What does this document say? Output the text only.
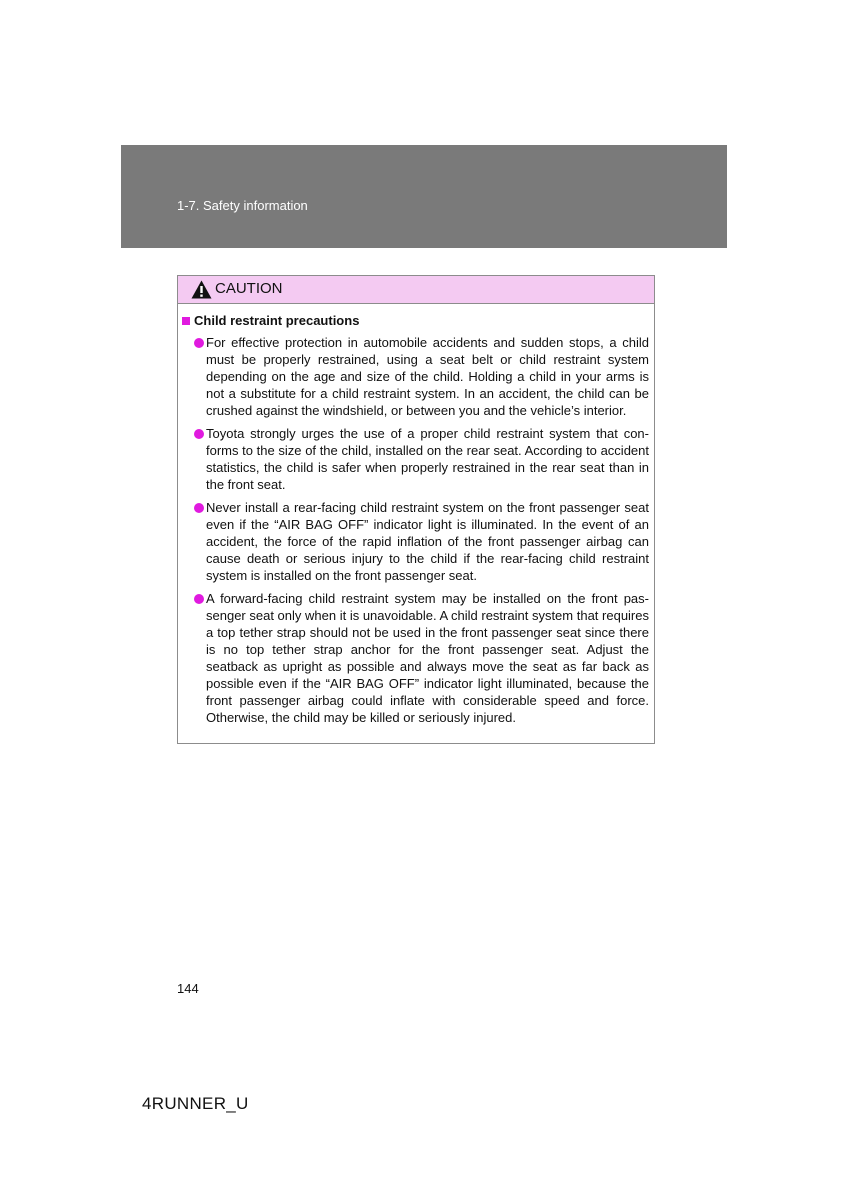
1-7. Safety information
CAUTION
Child restraint precautions
For effective protection in automobile accidents and sudden stops, a child must be properly restrained, using a seat belt or child restraint system depending on the age and size of the child. Holding a child in your arms is not a substitute for a child restraint system. In an accident, the child can be crushed against the windshield, or between you and the vehicle’s interior.
Toyota strongly urges the use of a proper child restraint system that conforms to the size of the child, installed on the rear seat. According to accident statistics, the child is safer when properly restrained in the rear seat than in the front seat.
Never install a rear-facing child restraint system on the front passenger seat even if the “AIR BAG OFF” indicator light is illuminated. In the event of an accident, the force of the rapid inflation of the front passenger airbag can cause death or serious injury to the child if the rear-facing child restraint system is installed on the front passenger seat.
A forward-facing child restraint system may be installed on the front passenger seat only when it is unavoidable. A child restraint system that requires a top tether strap should not be used in the front passenger seat since there is no top tether strap anchor for the front passenger seat. Adjust the seatback as upright as possible and always move the seat as far back as possible even if the “AIR BAG OFF” indicator light illuminated, because the front passenger airbag could inflate with considerable speed and force. Otherwise, the child may be killed or seriously injured.
144
4RUNNER_U
